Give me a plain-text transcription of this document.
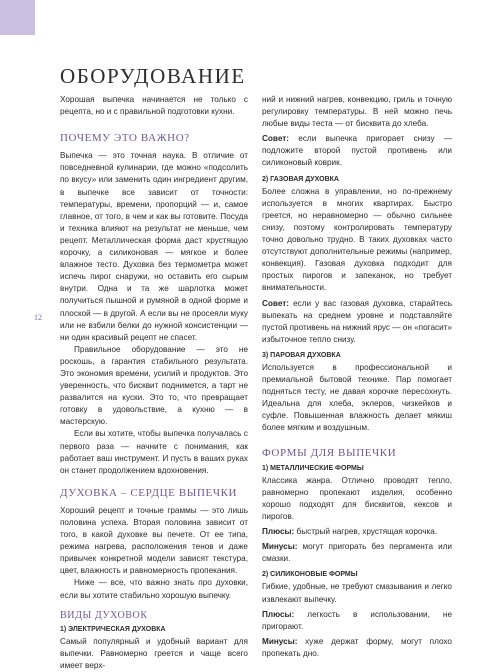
ОБОРУДОВАНИЕ
12

Хорошая выпечка начинается не только с рецепта, но и с правильной подготовки кухни.

ПОЧЕМУ ЭТО ВАЖНО?

Выпечка — это точная наука. В отличие от повседневной кулинарии, где можно «подсолить по вкусу» или заменить один ингредиент другим, в выпечке все зависит от точности: температуры, времени, пропорций — и, самое главное, от того, в чем и как вы готовите. Посуда и техника влияют на результат не меньше, чем рецепт. Металлическая форма даст хрустящую корочку, а силиконовая — мягкое и более влажное тесто. Духовка без термометра может испечь пирог снаружи, но оставить его сырым внутри. Одна и та же шарлотка может получиться пышной и румяной в одной форме и плоской — в другой. А если вы не просеяли муку или не взбили белки до нужной консистенции — ни один красивый рецепт не спасет.

Правильное оборудование — это не роскошь, а гарантия стабильного результата. Это экономия времени, усилий и продуктов. Это уверенность, что бисквит поднимется, а тарт не развалится на куски. Это то, что превращает готовку в удовольствие, а кухню — в мастерскую.

Если вы хотите, чтобы выпечка получалась с первого раза — начните с понимания, как работает ваш инструмент. И пусть в ваших руках он станет продолжением вдохновения.

ДУХОВКА – СЕРДЦЕ ВЫПЕЧКИ

Хороший рецепт и точные граммы — это лишь половина успеха. Вторая половина зависит от того, в какой духовке вы печете. От ее типа, режима нагрева, расположения тенов и даже привычек конкретной модели зависят текстура, цвет, влажность и равномерность пропекания.

Ниже — все, что важно знать про духовки, если вы хотите стабильно хорошую выпечку.

ВИДЫ ДУХОВОК
1) ЭЛЕКТРИЧЕСКАЯ ДУХОВКА

Самый популярный и удобный вариант для выпечки. Равномерно греется и чаще всего имеет верх-

ний и нижний нагрев, конвекцию, гриль и точную регулировку температуры. В ней можно печь любые виды теста — от бисквита до хлеба.

Совет: если выпечка пригорает снизу — подложите второй пустой противень или силиконовый коврик.

2) ГАЗОВАЯ ДУХОВКА

Более сложна в управлении, но по-прежнему используется в многих квартирах. Быстро греется, но неравномерно — обычно сильнее снизу, поэтому контролировать температуру точно довольно трудно. В таких духовках часто отсутствуют дополнительные режимы (например, конвекция). Газовая духовка подходит для простых пирогов и запеканок, но требует внимательности.

Совет: если у вас газовая духовка, старайтесь выпекать на среднем уровне и подставляйте пустой противень на нижний ярус — он «погасит» избыточное тепло снизу.

3) ПАРОВАЯ ДУХОВКА

Используется в профессиональной и премиальной бытовой технике. Пар помогает подняться тесту, не давая корочке пересохнуть. Идеальна для хлеба, эклеров, чизкейков и суфле. Повышенная влажность делает мякиш более мягким и воздушным.

ФОРМЫ ДЛЯ ВЫПЕЧКИ
1) МЕТАЛЛИЧЕСКИЕ ФОРМЫ

Классика жанра. Отлично проводят тепло, равномерно пропекают изделия, особенно хорошо подходят для бисквитов, кексов и пирогов.

Плюсы: быстрый нагрев, хрустящая корочка.

Минусы: могут пригорать без пергамента или смазки.

2) СИЛИКОНОВЫЕ ФОРМЫ

Гибкие, удобные, не требуют смазывания и легко извлекают выпечку.

Плюсы: легкость в использовании, не пригорают.

Минусы: хуже держат форму, могут плохо пропекать дно.
